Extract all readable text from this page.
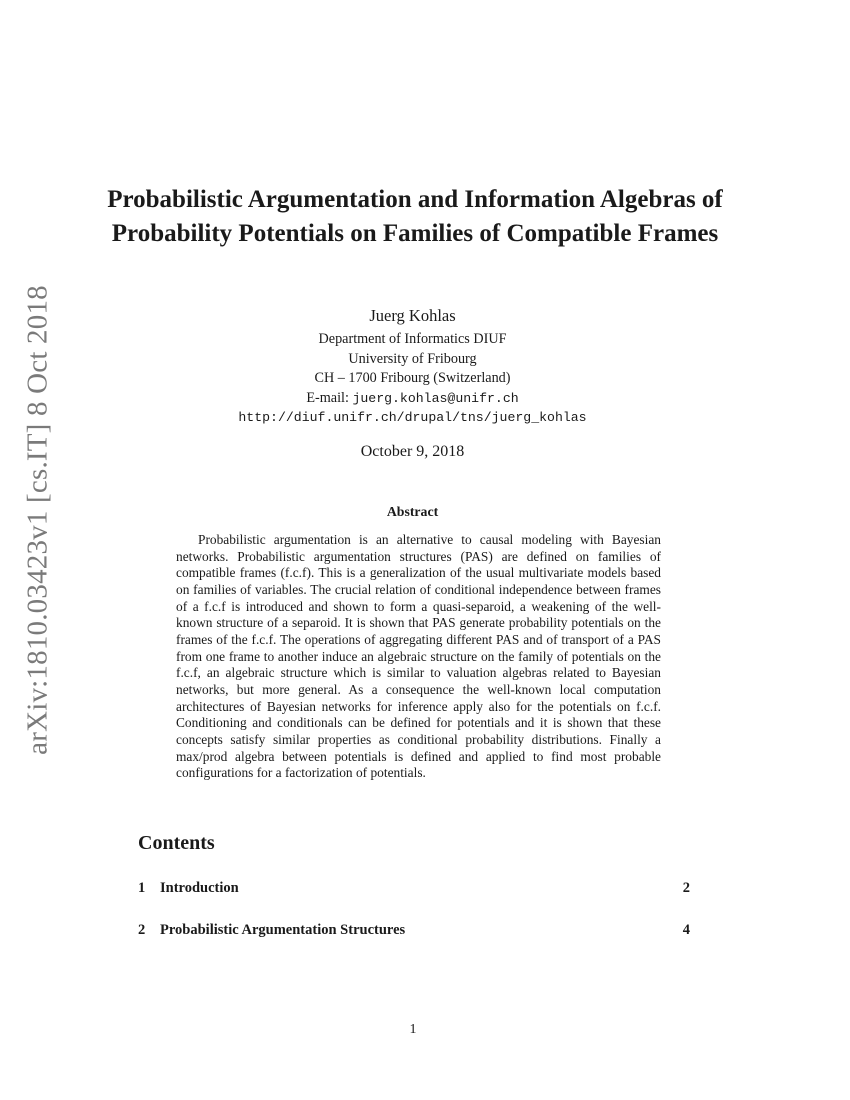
arXiv:1810.03423v1 [cs.IT] 8 Oct 2018
Probabilistic Argumentation and Information Algebras of Probability Potentials on Families of Compatible Frames
Juerg Kohlas
Department of Informatics DIUF
University of Fribourg
CH – 1700 Fribourg (Switzerland)
E-mail: juerg.kohlas@unifr.ch
http://diuf.unifr.ch/drupal/tns/juerg_kohlas
October 9, 2018
Abstract
Probabilistic argumentation is an alternative to causal modeling with Bayesian networks. Probabilistic argumentation structures (PAS) are defined on families of compatible frames (f.c.f). This is a generalization of the usual multivariate models based on families of variables. The crucial relation of conditional independence between frames of a f.c.f is introduced and shown to form a quasi-separoid, a weakening of the well-known structure of a separoid. It is shown that PAS generate probability potentials on the frames of the f.c.f. The operations of aggregating different PAS and of transport of a PAS from one frame to another induce an algebraic structure on the family of potentials on the f.c.f, an algebraic structure which is similar to valuation algebras related to Bayesian networks, but more general. As a consequence the well-known local computation architectures of Bayesian networks for inference apply also for the potentials on f.c.f. Conditioning and conditionals can be defined for potentials and it is shown that these concepts satisfy similar properties as conditional probability distributions. Finally a max/prod algebra between potentials is defined and applied to find most probable configurations for a factorization of potentials.
Contents
1	Introduction	2
2	Probabilistic Argumentation Structures	4
1
